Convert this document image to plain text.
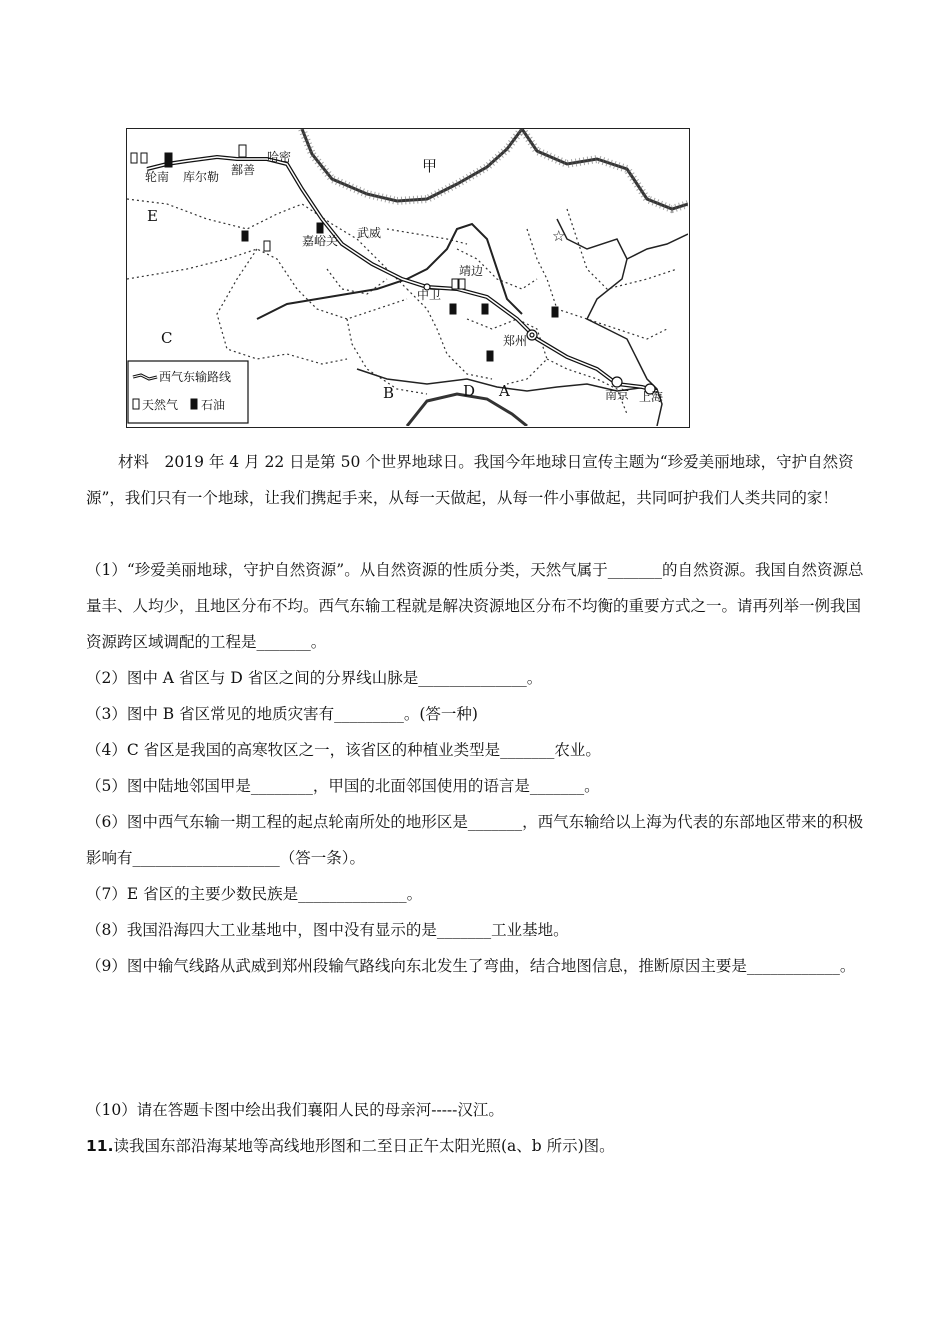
☆
甲
E
C
B	D A
轮南 库尔勒 鄯善
哈密
嘉峪关
武威
中卫
靖边
郑州
南京 上海
西气东输路线
天然气 石油

材料　2019 年 4 月 22 日是第 50 个世界地球日。我国今年地球日宣传主题为“珍爱美丽地球，守护自然资源”，我们只有一个地球，让我们携起手来，从每一天做起，从每一件小事做起，共同呵护我们人类共同的家！

（1）“珍爱美丽地球，守护自然资源”。从自然资源的性质分类，天然气属于_______的自然资源。我国自然资源总量丰、人均少，且地区分布不均。西气东输工程就是解决资源地区分布不均衡的重要方式之一。请再列举一例我国资源跨区域调配的工程是_______。

（2）图中 A 省区与 D 省区之间的分界线山脉是______________。

（3）图中 B 省区常见的地质灾害有_________。(答一种)

（4）C 省区是我国的高寒牧区之一，该省区的种植业类型是_______农业。

（5）图中陆地邻国甲是________，甲国的北面邻国使用的语言是_______。

（6）图中西气东输一期工程的起点轮南所处的地形区是_______，西气东输给以上海为代表的东部地区带来的积极影响有___________________（答一条）。

（7）E 省区的主要少数民族是______________。

（8）我国沿海四大工业基地中，图中没有显示的是_______工业基地。

（9）图中输气线路从武威到郑州段输气路线向东北发生了弯曲，结合地图信息，推断原因主要是____________。

（10）请在答题卡图中绘出我们襄阳人民的母亲河-----汉江。

11.读我国东部沿海某地等高线地形图和二至日正午太阳光照(a、b 所示)图。
